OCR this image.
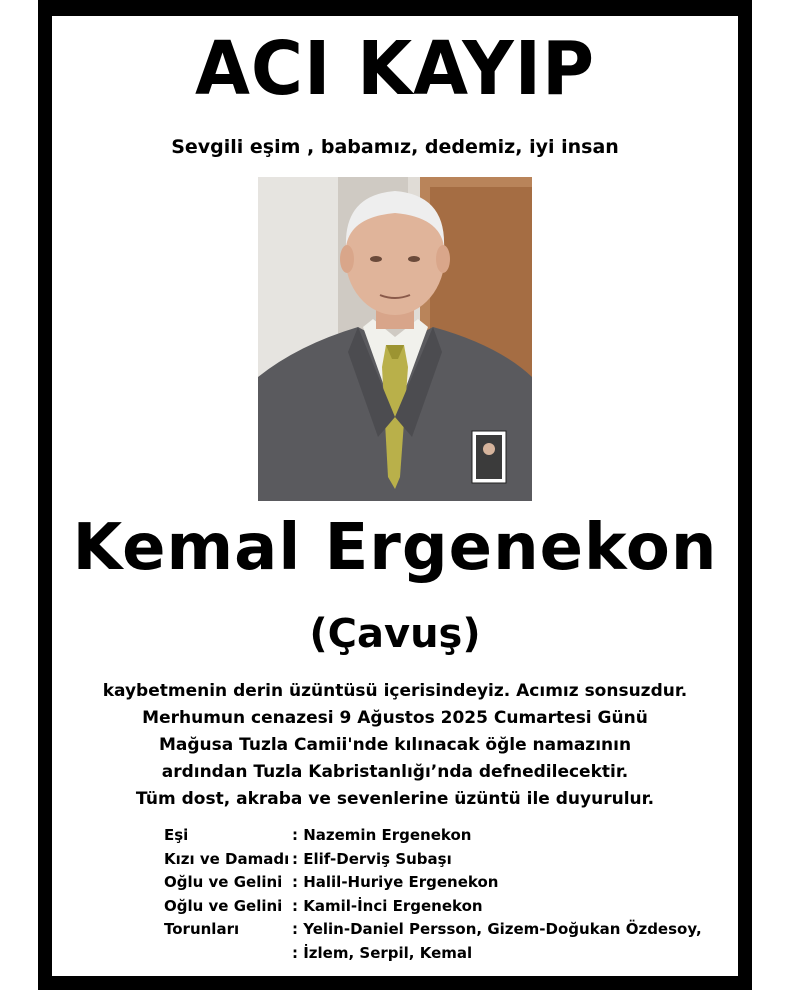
ACI KAYIP
Sevgili eşim , babamız, dedemiz, iyi insan
Kemal Ergenekon
(Çavuş)
kaybetmenin derin üzüntüsü içerisindeyiz. Acımız sonsuzdur.
Merhumun cenazesi 9 Ağustos 2025 Cumartesi Günü
Mağusa Tuzla Camii'nde kılınacak öğle namazının
ardından Tuzla Kabristanlığı’nda defnedilecektir.
Tüm dost, akraba ve sevenlerine üzüntü ile duyurulur.
Eşi	: Nazemin Ergenekon
Kızı ve Damadı : Elif-Derviş Subaşı
Oğlu ve Gelini : Halil-Huriye Ergenekon
Oğlu ve Gelini : Kamil-İnci Ergenekon
Torunları	: Yelin-Daniel Persson, Gizem-Doğukan Özdesoy,
: İzlem, Serpil, Kemal
